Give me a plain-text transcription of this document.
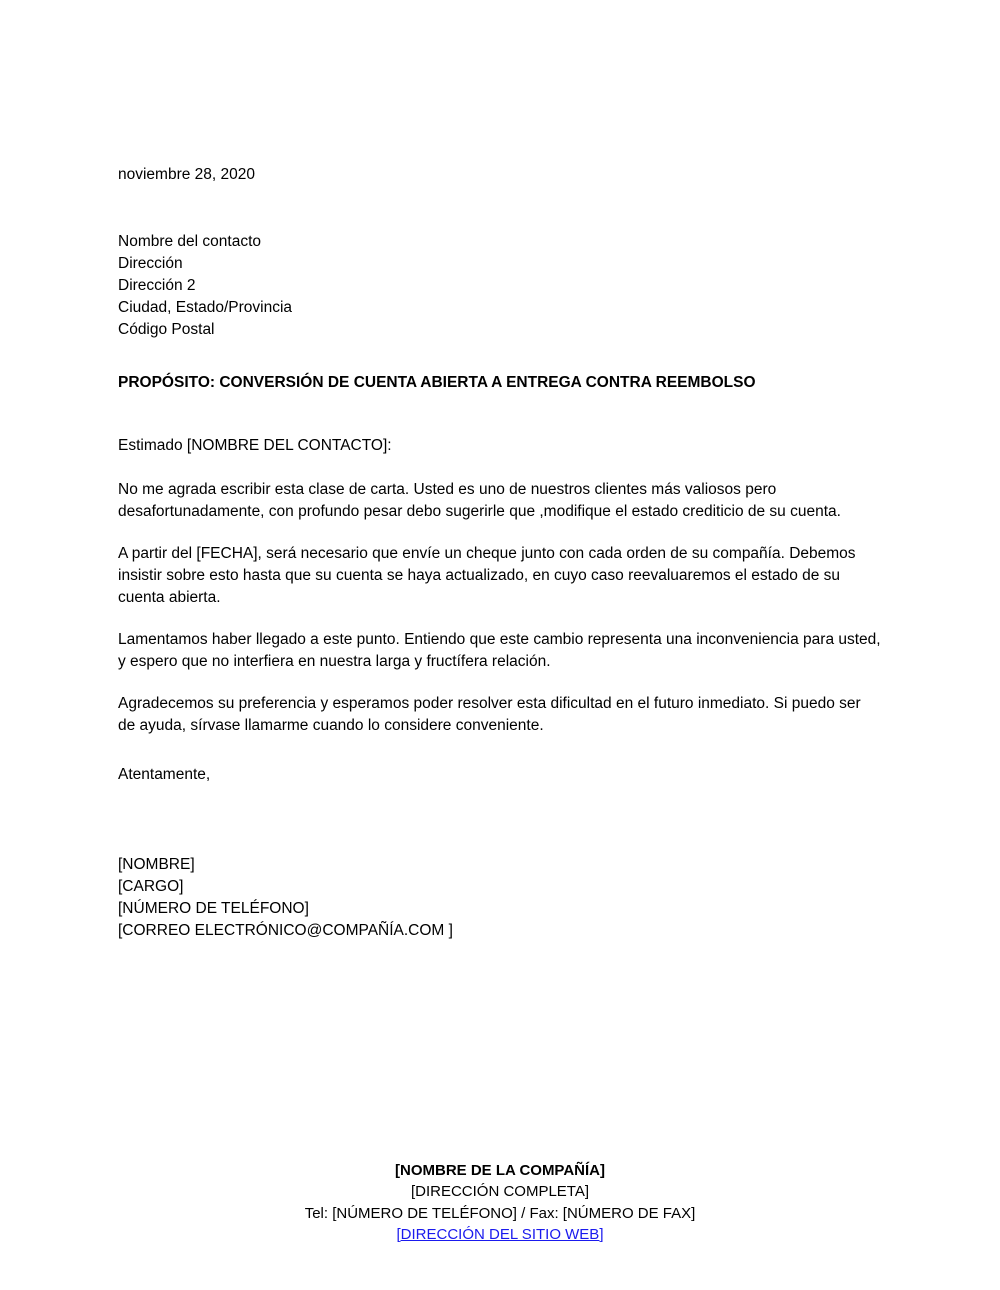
noviembre 28, 2020

Nombre del contacto
Dirección
Dirección 2
Ciudad, Estado/Provincia
Código Postal

PROPÓSITO: CONVERSIÓN DE CUENTA ABIERTA A ENTREGA CONTRA REEMBOLSO

Estimado [NOMBRE DEL CONTACTO]:

No me agrada escribir esta clase de carta. Usted es uno de nuestros clientes más valiosos pero desafortunadamente, con profundo pesar debo sugerirle que ,modifique el estado crediticio de su cuenta.

A partir del [FECHA], será necesario que envíe un cheque junto con cada orden de su compañía. Debemos insistir sobre esto hasta que su cuenta se haya actualizado, en cuyo caso reevaluaremos el estado de su cuenta abierta.

Lamentamos haber llegado a este punto. Entiendo que este cambio representa una inconveniencia para usted, y espero que no interfiera en nuestra larga y fructífera relación.

Agradecemos su preferencia y esperamos poder resolver esta dificultad en el futuro inmediato. Si puedo ser de ayuda, sírvase llamarme cuando lo considere conveniente.

Atentamente,

[NOMBRE]
[CARGO]
[NÚMERO DE TELÉFONO]
[CORREO ELECTRÓNICO@COMPAÑÍA.COM ]
[NOMBRE DE LA COMPAÑÍA]
[DIRECCIÓN COMPLETA]
Tel: [NÚMERO DE TELÉFONO] / Fax: [NÚMERO DE FAX]
[DIRECCIÓN DEL SITIO WEB]
